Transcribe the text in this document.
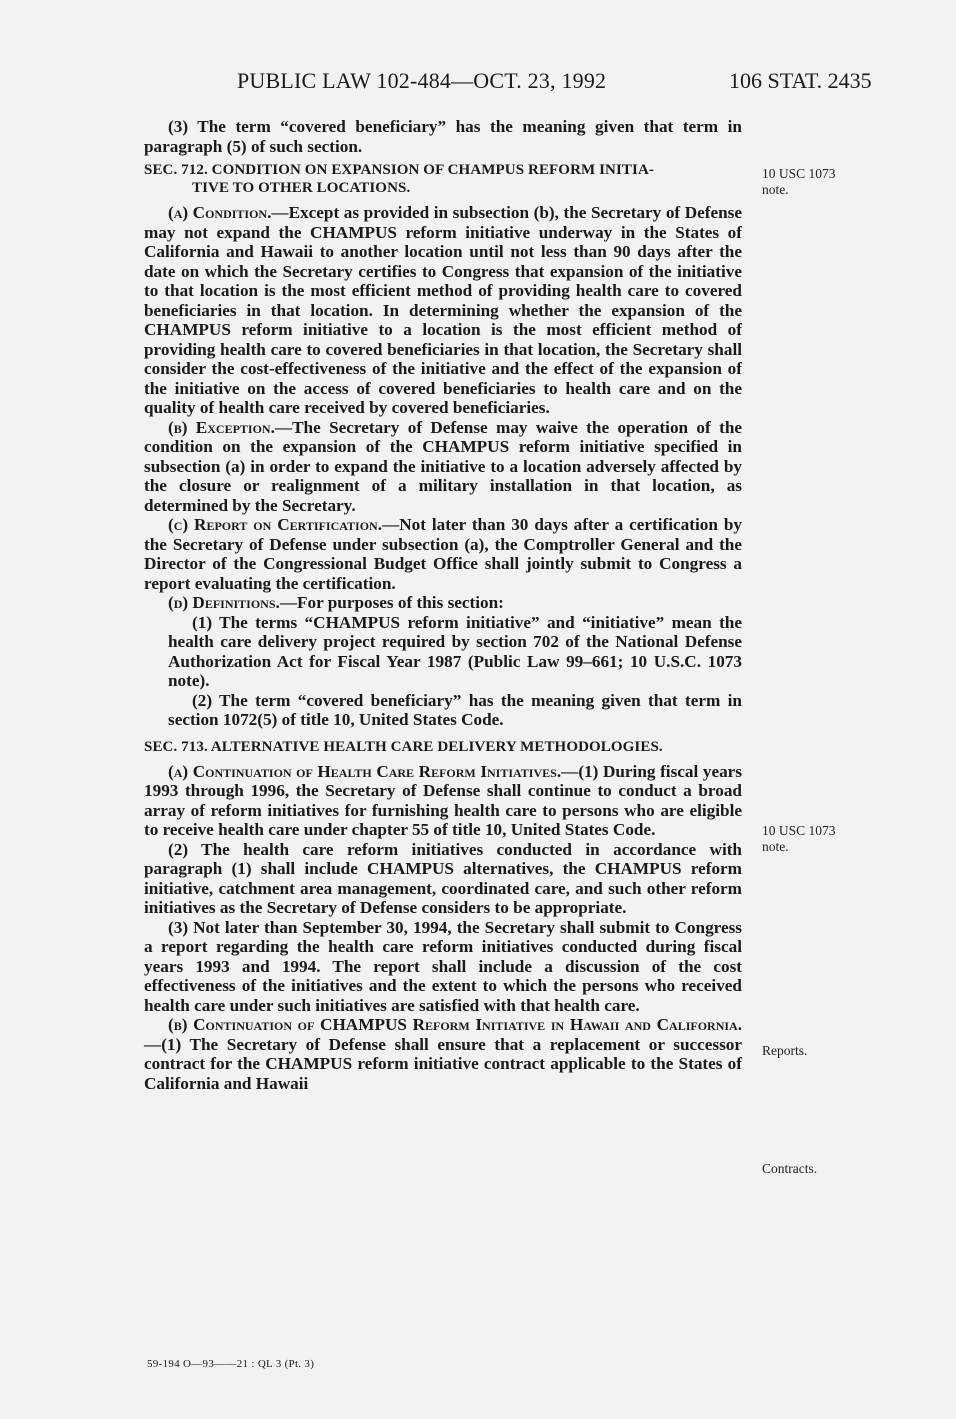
PUBLIC LAW 102-484—OCT. 23, 1992	106 STAT. 2435

(3) The term “covered beneficiary” has the meaning given that term in paragraph (5) of such section.

SEC. 712. CONDITION ON EXPANSION OF CHAMPUS REFORM INITIA-
TIVE TO OTHER LOCATIONS.

(a) Condition.—Except as provided in subsection (b), the Secretary of Defense may not expand the CHAMPUS reform initiative underway in the States of California and Hawaii to another location until not less than 90 days after the date on which the Secretary certifies to Congress that expansion of the initiative to that location is the most efficient method of providing health care to covered beneficiaries in that location. In determining whether the expansion of the CHAMPUS reform initiative to a location is the most efficient method of providing health care to covered beneficiaries in that location, the Secretary shall consider the cost-effectiveness of the initiative and the effect of the expansion of the initiative on the access of covered beneficiaries to health care and on the quality of health care received by covered beneficiaries.

(b) Exception.—The Secretary of Defense may waive the operation of the condition on the expansion of the CHAMPUS reform initiative specified in subsection (a) in order to expand the initiative to a location adversely affected by the closure or realignment of a military installation in that location, as determined by the Secretary.

(c) Report on Certification.—Not later than 30 days after a certification by the Secretary of Defense under subsection (a), the Comptroller General and the Director of the Congressional Budget Office shall jointly submit to Congress a report evaluating the certification.

(d) Definitions.—For purposes of this section:

(1) The terms “CHAMPUS reform initiative” and “initiative” mean the health care delivery project required by section 702 of the National Defense Authorization Act for Fiscal Year 1987 (Public Law 99–661; 10 U.S.C. 1073 note).

(2) The term “covered beneficiary” has the meaning given that term in section 1072(5) of title 10, United States Code.

SEC. 713. ALTERNATIVE HEALTH CARE DELIVERY METHODOLOGIES.

(a) Continuation of Health Care Reform Initiatives.—(1) During fiscal years 1993 through 1996, the Secretary of Defense shall continue to conduct a broad array of reform initiatives for furnishing health care to persons who are eligible to receive health care under chapter 55 of title 10, United States Code.

(2) The health care reform initiatives conducted in accordance with paragraph (1) shall include CHAMPUS alternatives, the CHAMPUS reform initiative, catchment area management, coordinated care, and such other reform initiatives as the Secretary of Defense considers to be appropriate.

(3) Not later than September 30, 1994, the Secretary shall submit to Congress a report regarding the health care reform initiatives conducted during fiscal years 1993 and 1994. The report shall include a discussion of the cost effectiveness of the initiatives and the extent to which the persons who received health care under such initiatives are satisfied with that health care.

(b) Continuation of CHAMPUS Reform Initiative in Hawaii and California.—(1) The Secretary of Defense shall ensure that a replacement or successor contract for the CHAMPUS reform initiative contract applicable to the States of California and Hawaii

10 USC 1073
note.
10 USC 1073
note.
Reports.
Contracts.
59-194 O—93——21 : QL 3 (Pt. 3)
